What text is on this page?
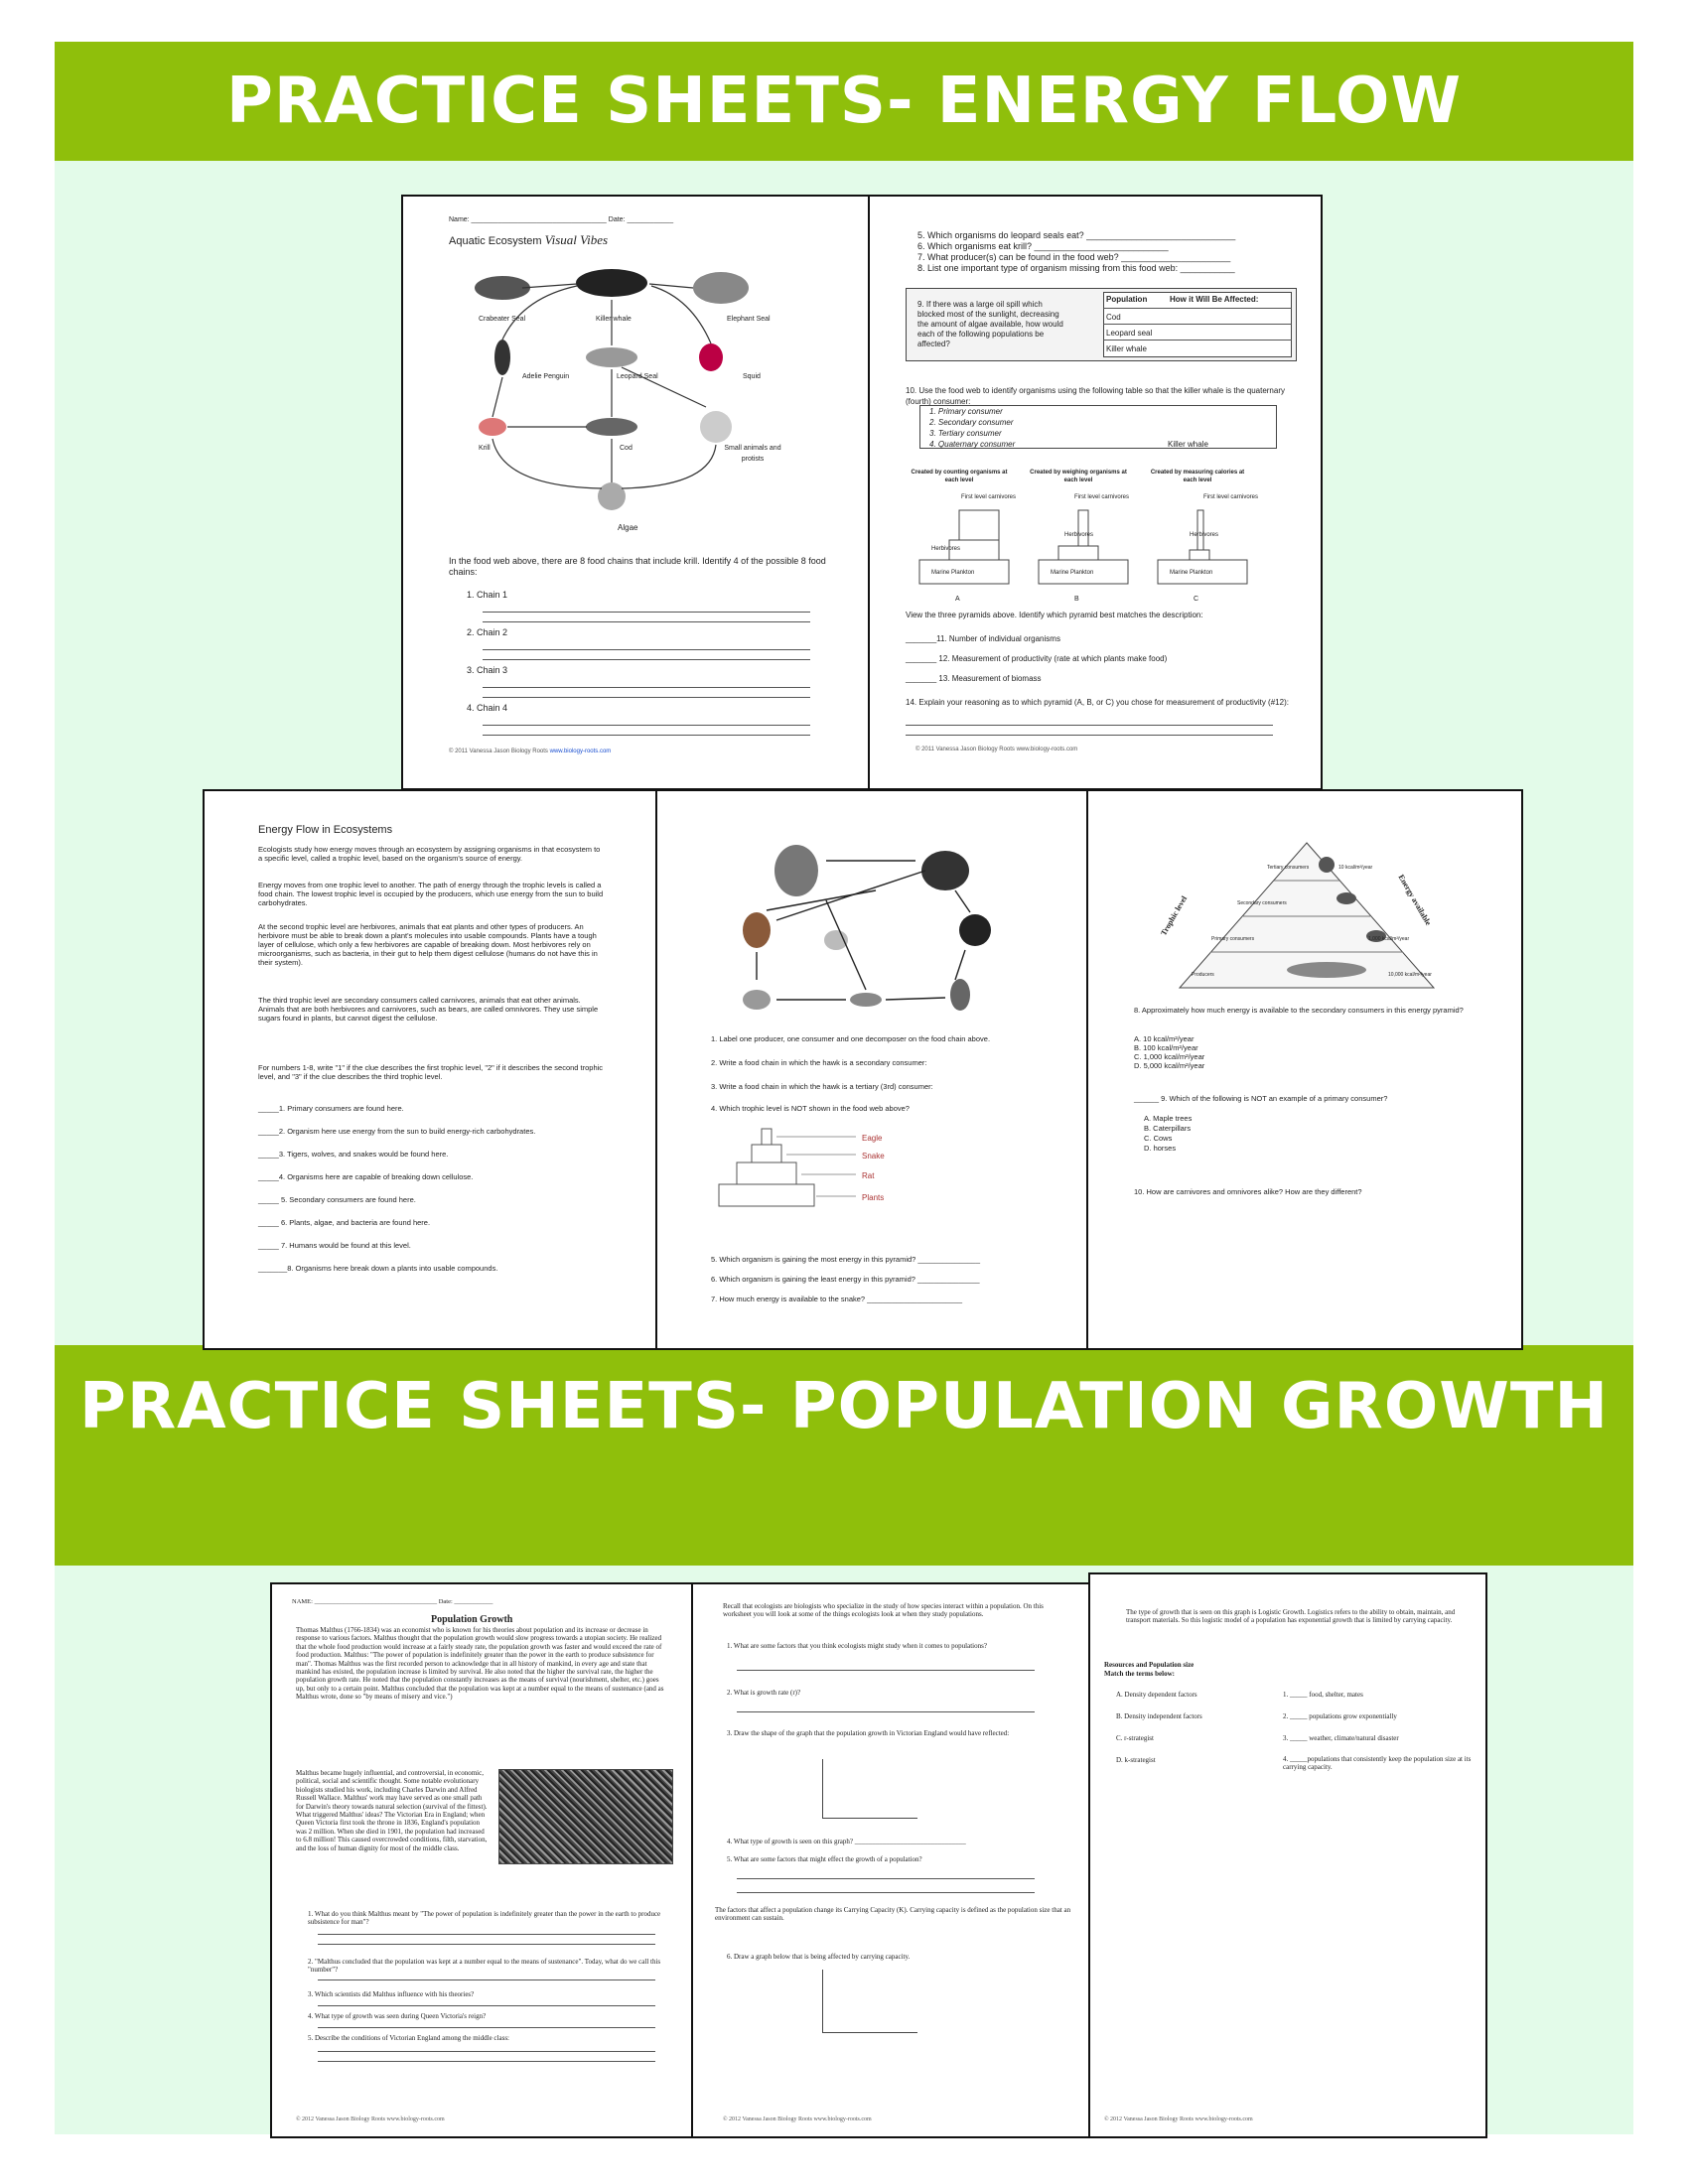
PRACTICE SHEETS- ENERGY FLOW
PRACTICE SHEETS- POPULATION GROWTH
Name: ___________________________________ Date: ____________
Aquatic Ecosystem Visual Vibes
Crabeater Seal	Killer whale	Elephant Seal
Adelie Penguin	Leopard Seal	Squid
Krill	Cod	Small animals and protists
Algae
In the food web above, there are 8 food chains that include krill. Identify 4 of the possible 8 food chains:
1. Chain 1
2. Chain 2
3. Chain 3
4. Chain 4
© 2011 Vanessa Jason Biology Roots www.biology-roots.com
5. Which organisms do leopard seals eat? ______________________________
6. Which organisms eat krill? ___________________________
7. What producer(s) can be found in the food web? ______________________
8. List one important type of organism missing from this food web: ___________
9. If there was a large oil spill which blocked most of the sunlight, decreasing the amount of algae available, how would each of the following populations be affected?
Population	How it Will Be Affected:
Cod
Leopard seal
Killer whale
10. Use the food web to identify organisms using the following table so that the killer whale is the quaternary (fourth) consumer:
1. Primary consumer
2. Secondary consumer
3. Tertiary consumer
4. Quaternary consumer	Killer whale
Created by counting organisms at each level
Created by weighing organisms at each level
Created by measuring calories at each level
First level carnivores	First level carnivores	First level carnivores
Herbivores
Herbivores	Herbivores
Marine Plankton	Marine Plankton	Marine Plankton
A	B	C
View the three pyramids above. Identify which pyramid best matches the description:
_______11. Number of individual organisms
_______ 12. Measurement of productivity (rate at which plants make food)
_______ 13. Measurement of biomass
14. Explain your reasoning as to which pyramid (A, B, or C) you chose for measurement of productivity (#12):
© 2011 Vanessa Jason Biology Roots www.biology-roots.com
Energy Flow in Ecosystems
Ecologists study how energy moves through an ecosystem by assigning organisms in that ecosystem to a specific level, called a trophic level, based on the organism's source of energy.
Energy moves from one trophic level to another. The path of energy through the trophic levels is called a food chain. The lowest trophic level is occupied by the producers, which use energy from the sun to build carbohydrates.
At the second trophic level are herbivores, animals that eat plants and other types of producers. An herbivore must be able to break down a plant's molecules into usable compounds. Plants have a tough layer of cellulose, which only a few herbivores are capable of breaking down. Most herbivores rely on microorganisms, such as bacteria, in their gut to help them digest cellulose (humans do not have this in their system).
The third trophic level are secondary consumers called carnivores, animals that eat other animals. Animals that are both herbivores and carnivores, such as bears, are called omnivores. They use simple sugars found in plants, but cannot digest the cellulose.
For numbers 1-8, write "1" if the clue describes the first trophic level, "2" if it describes the second trophic level, and "3" if the clue describes the third trophic level.
_____1. Primary consumers are found here.
_____2. Organism here use energy from the sun to build energy-rich carbohydrates.
_____3. Tigers, wolves, and snakes would be found here.
_____4. Organisms here are capable of breaking down cellulose.
_____ 5. Secondary consumers are found here.
_____ 6. Plants, algae, and bacteria are found here.
_____ 7. Humans would be found at this level.
_______8. Organisms here break down a plants into usable compounds.
1. Label one producer, one consumer and one decomposer on the food chain above.
2. Write a food chain in which the hawk is a secondary consumer:
3. Write a food chain in which the hawk is a tertiary (3rd) consumer:
4. Which trophic level is NOT shown in the food web above?
Eagle
Snake
Rat
Plants
5. Which organism is gaining the most energy in this pyramid? _______________
6. Which organism is gaining the least energy in this pyramid? _______________
7. How much energy is available to the snake? _______________________
Tertiary consumers
Secondary consumers
Primary consumers
Producers
10 kcal/m²/year
1,000 kcal/m²/year
10,000 kcal/m²/year
Trophic level	Energy available
8. Approximately how much energy is available to the secondary consumers in this energy pyramid?
A. 10 kcal/m²/year
B. 100 kcal/m²/year
C. 1,000 kcal/m²/year
D. 5,000 kcal/m²/year
______ 9. Which of the following is NOT an example of a primary consumer?
A. Maple trees
B. Caterpillars
C. Cows
D. horses
10. How are carnivores and omnivores alike? How are they different?
NAME: ______________________________________ Date: ____________
Population Growth
Thomas Malthus (1766-1834) was an economist who is known for his theories about population and its increase or decrease in response to various factors. Malthus thought that the population growth would slow progress towards a utopian society. He realized that the whole food production would increase at a fairly steady rate, the population growth was faster and would exceed the rate of food production. Malthus: "The power of population is indefinitely greater than the power in the earth to produce subsistence for man". Thomas Malthus was the first recorded person to acknowledge that in all history of mankind, in every age and state that mankind has existed, the population increase is limited by survival. He also noted that the higher the survival rate, the higher the population growth rate. He noted that the population constantly increases as the means of survival (nourishment, shelter, etc.) goes up, but only to a certain point. Malthus concluded that the population was kept at a number equal to the means of sustenance (and as Malthus wrote, done so "by means of misery and vice.")
Malthus became hugely influential, and controversial, in economic, political, social and scientific thought. Some notable evolutionary biologists studied his work, including Charles Darwin and Alfred Russell Wallace. Malthus' work may have served as one small path for Darwin's theory towards natural selection (survival of the fittest). What triggered Malthus' ideas? The Victorian Era in England; when Queen Victoria first took the throne in 1836, England's population was 2 million. When she died in 1901, the population had increased to 6.8 million! This caused overcrowded conditions, filth, starvation, and the loss of human dignity for most of the middle class.
1. What do you think Malthus meant by "The power of population is indefinitely greater than the power in the earth to produce subsistence for man"?
2. "Malthus concluded that the population was kept at a number equal to the means of sustenance". Today, what do we call this "number"?
3. Which scientists did Malthus influence with his theories?
4. What type of growth was seen during Queen Victoria's reign?
5. Describe the conditions of Victorian England among the middle class:
© 2012 Vanessa Jason Biology Roots www.biology-roots.com
Recall that ecologists are biologists who specialize in the study of how species interact within a population. On this worksheet you will look at some of the things ecologists look at when they study populations.
1. What are some factors that you think ecologists might study when it comes to populations?
2. What is growth rate (r)?
3. Draw the shape of the graph that the population growth in Victorian England would have reflected:
4. What type of growth is seen on this graph? ________________________________
5. What are some factors that might effect the growth of a population?
The factors that affect a population change its Carrying Capacity (K). Carrying capacity is defined as the population size that an environment can sustain.
6. Draw a graph below that is being affected by carrying capacity.
© 2012 Vanessa Jason Biology Roots www.biology-roots.com
The type of growth that is seen on this graph is Logistic Growth. Logistics refers to the ability to obtain, maintain, and transport materials. So this logistic model of a population has exponential growth that is limited by carrying capacity.
Resources and Population size
Match the terms below:
A. Density dependent factors
B. Density independent factors
C. r-strategist
D. k-strategist
1. _____ food, shelter, mates
2. _____ populations grow exponentially
3. _____ weather, climate/natural disaster
4. _____populations that consistently keep the population size at its carrying capacity.
© 2012 Vanessa Jason Biology Roots www.biology-roots.com
